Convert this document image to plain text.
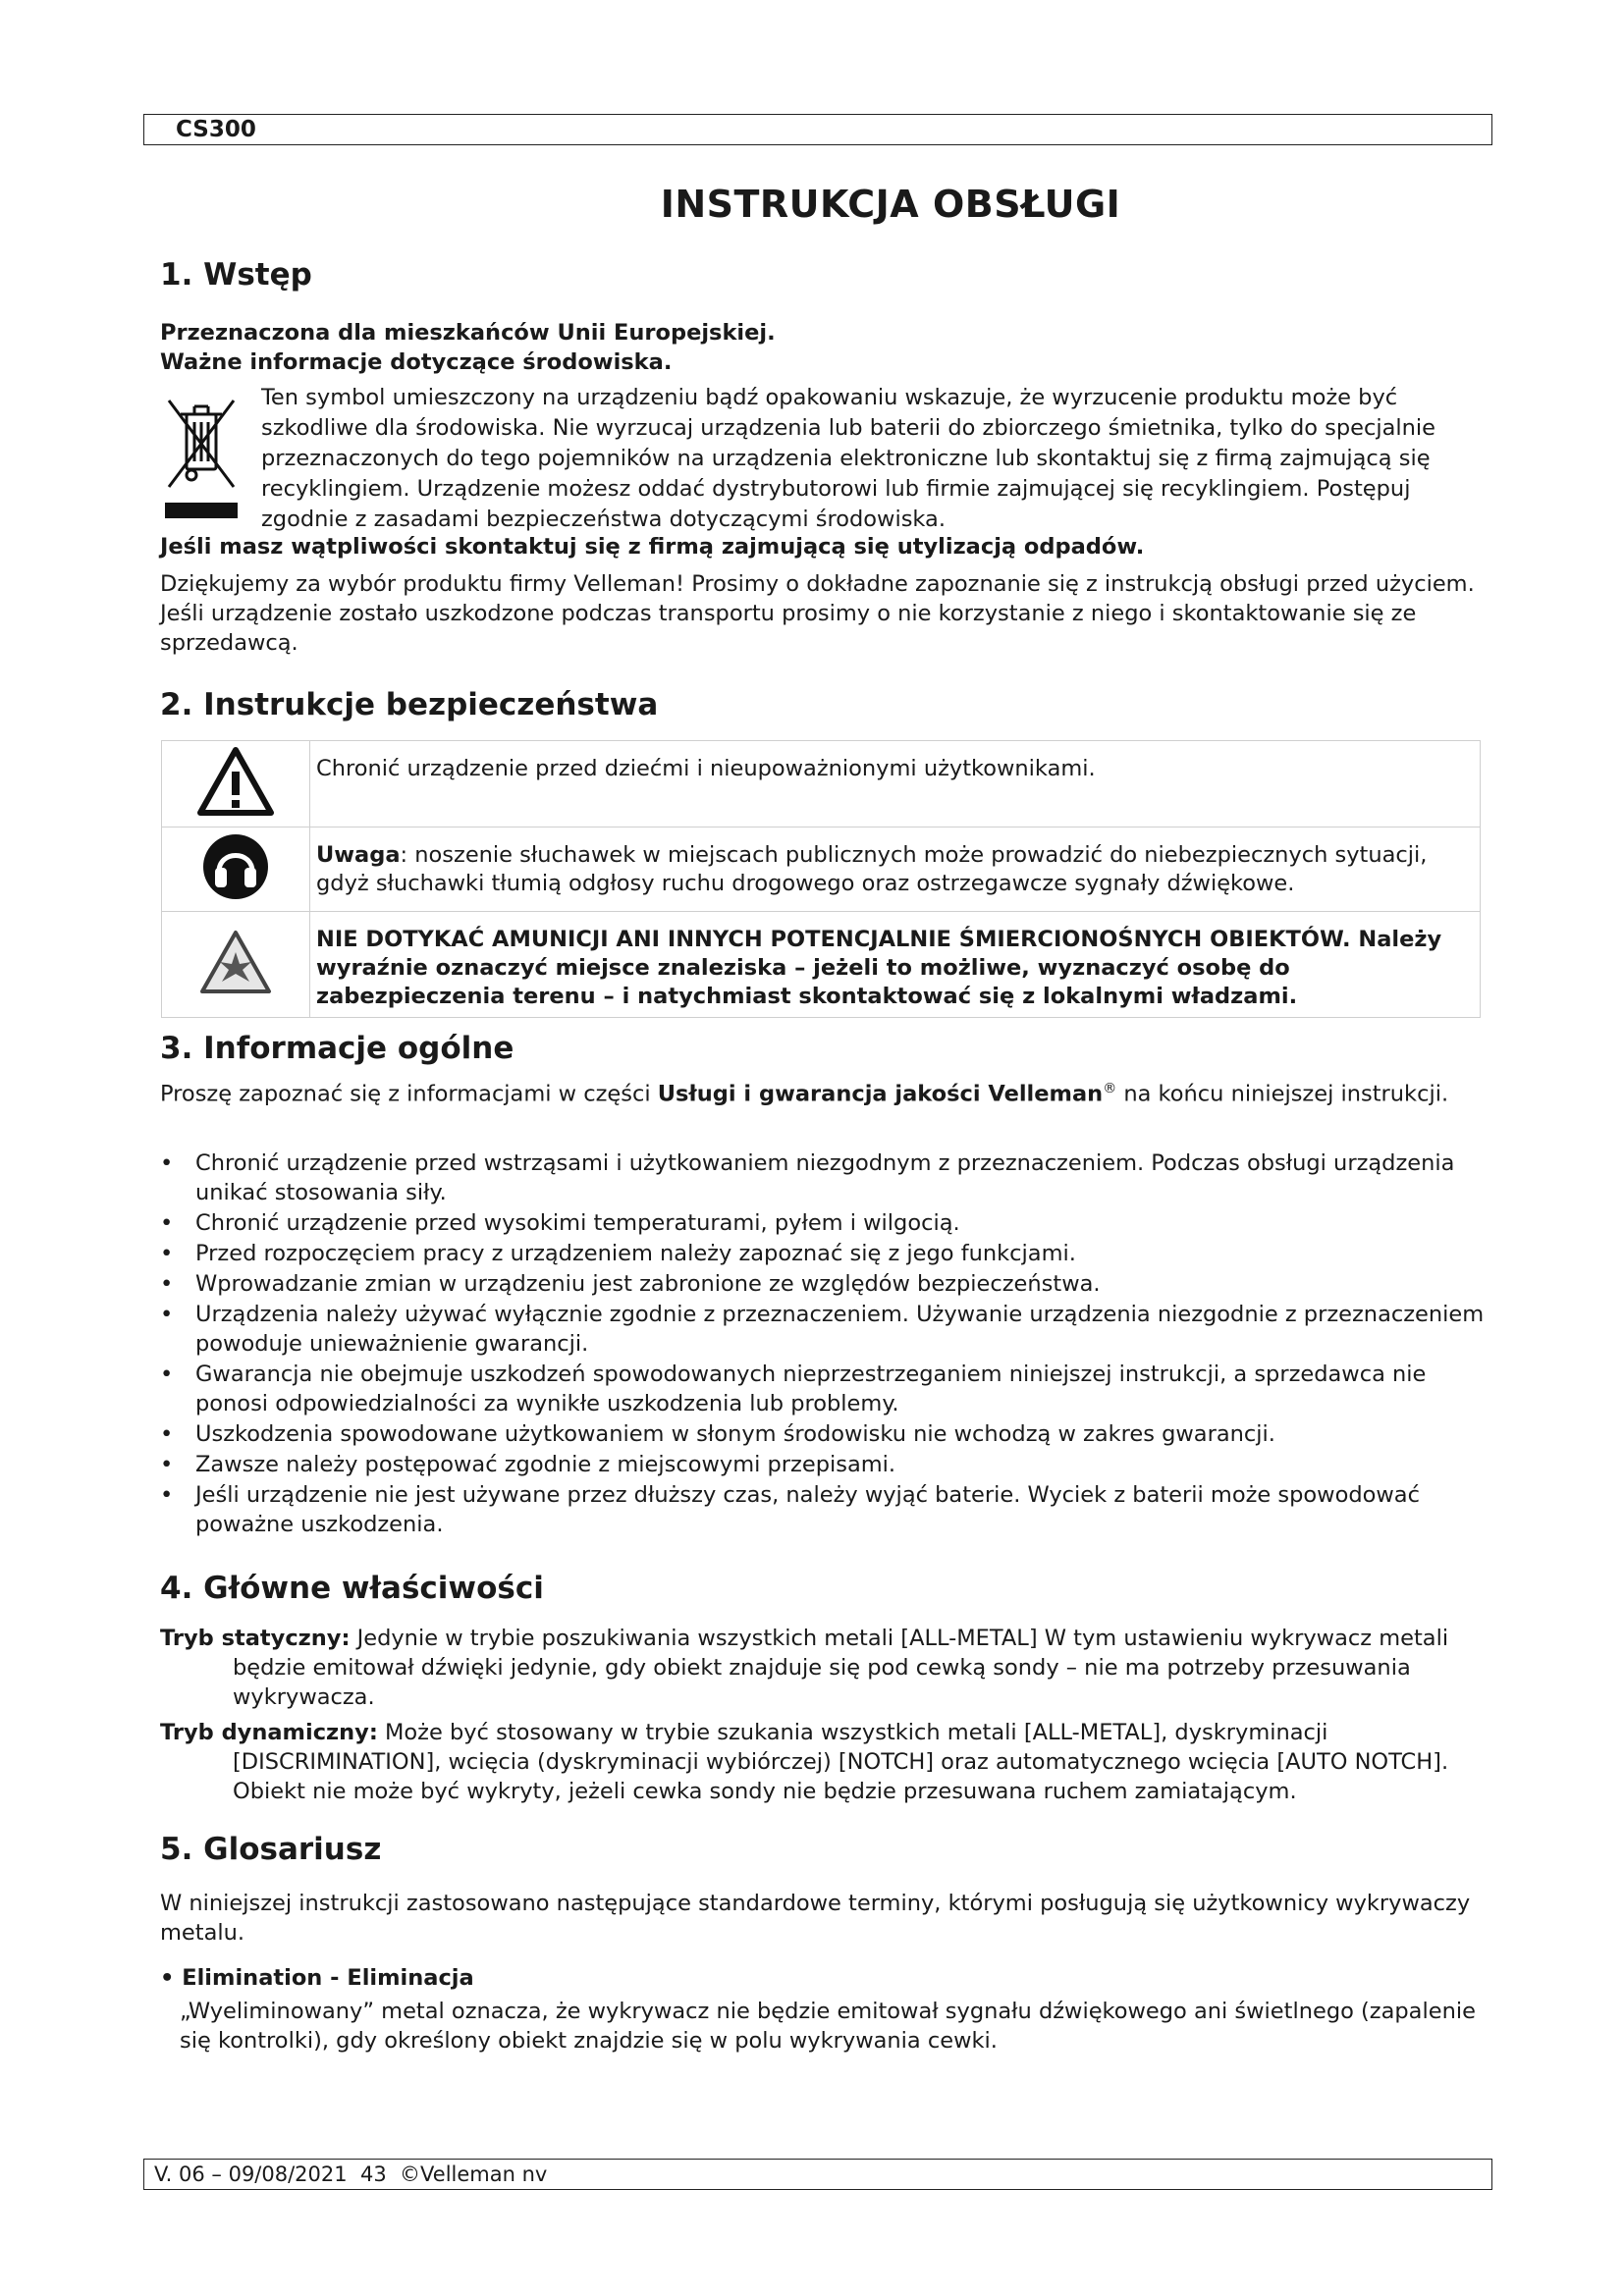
CS300
INSTRUKCJA OBSŁUGI
1. Wstęp
Przeznaczona dla mieszkańców Unii Europejskiej.
Ważne informacje dotyczące środowiska.
Ten symbol umieszczony na urządzeniu bądź opakowaniu wskazuje, że wyrzucenie produktu może być szkodliwe dla środowiska. Nie wyrzucaj urządzenia lub baterii do zbiorczego śmietnika, tylko do specjalnie przeznaczonych do tego pojemników na urządzenia elektroniczne lub skontaktuj się z firmą zajmującą się recyklingiem. Urządzenie możesz oddać dystrybutorowi lub firmie zajmującej się recyklingiem. Postępuj zgodnie z zasadami bezpieczeństwa dotyczącymi środowiska.
Jeśli masz wątpliwości skontaktuj się z firmą zajmującą się utylizacją odpadów.
Dziękujemy za wybór produktu firmy Velleman! Prosimy o dokładne zapoznanie się z instrukcją obsługi przed użyciem. Jeśli urządzenie zostało uszkodzone podczas transportu prosimy o nie korzystanie z niego i skontaktowanie się ze sprzedawcą.
2. Instrukcje bezpieczeństwa
	Chronić urządzenie przed dziećmi i nieupoważnionymi użytkownikami.
	Uwaga: noszenie słuchawek w miejscach publicznych może prowadzić do niebezpiecznych sytuacji, gdyż słuchawki tłumią odgłosy ruchu drogowego oraz ostrzegawcze sygnały dźwiękowe.
	NIE DOTYKAĆ AMUNICJI ANI INNYCH POTENCJALNIE ŚMIERCIONOŚNYCH OBIEKTÓW. Należy wyraźnie oznaczyć miejsce znaleziska – jeżeli to możliwe, wyznaczyć osobę do zabezpieczenia terenu – i natychmiast skontaktować się z lokalnymi władzami.
3. Informacje ogólne
Proszę zapoznać się z informacjami w części Usługi i gwarancja jakości Velleman® na końcu niniejszej instrukcji.
• Chronić urządzenie przed wstrząsami i użytkowaniem niezgodnym z przeznaczeniem. Podczas obsługi urządzenia unikać stosowania siły.
• Chronić urządzenie przed wysokimi temperaturami, pyłem i wilgocią.
• Przed rozpoczęciem pracy z urządzeniem należy zapoznać się z jego funkcjami.
• Wprowadzanie zmian w urządzeniu jest zabronione ze względów bezpieczeństwa.
• Urządzenia należy używać wyłącznie zgodnie z przeznaczeniem. Używanie urządzenia niezgodnie z przeznaczeniem powoduje unieważnienie gwarancji.
• Gwarancja nie obejmuje uszkodzeń spowodowanych nieprzestrzeganiem niniejszej instrukcji, a sprzedawca nie ponosi odpowiedzialności za wynikłe uszkodzenia lub problemy.
• Uszkodzenia spowodowane użytkowaniem w słonym środowisku nie wchodzą w zakres gwarancji.
• Zawsze należy postępować zgodnie z miejscowymi przepisami.
• Jeśli urządzenie nie jest używane przez dłuższy czas, należy wyjąć baterie. Wyciek z baterii może spowodować poważne uszkodzenia.
4. Główne właściwości
Tryb statyczny: Jedynie w trybie poszukiwania wszystkich metali [ALL-METAL] W tym ustawieniu wykrywacz metali będzie emitował dźwięki jedynie, gdy obiekt znajduje się pod cewką sondy – nie ma potrzeby przesuwania wykrywacza.
Tryb dynamiczny: Może być stosowany w trybie szukania wszystkich metali [ALL-METAL], dyskryminacji [DISCRIMINATION], wcięcia (dyskryminacji wybiórczej) [NOTCH] oraz automatycznego wcięcia [AUTO NOTCH]. Obiekt nie może być wykryty, jeżeli cewka sondy nie będzie przesuwana ruchem zamiatającym.
5. Glosariusz
W niniejszej instrukcji zastosowano następujące standardowe terminy, którymi posługują się użytkownicy wykrywaczy metalu.
• Elimination - Eliminacja
„Wyeliminowany” metal oznacza, że wykrywacz nie będzie emitował sygnału dźwiękowego ani świetlnego (zapalenie się kontrolki), gdy określony obiekt znajdzie się w polu wykrywania cewki.
V. 06 – 09/08/2021  43  ©Velleman nv
